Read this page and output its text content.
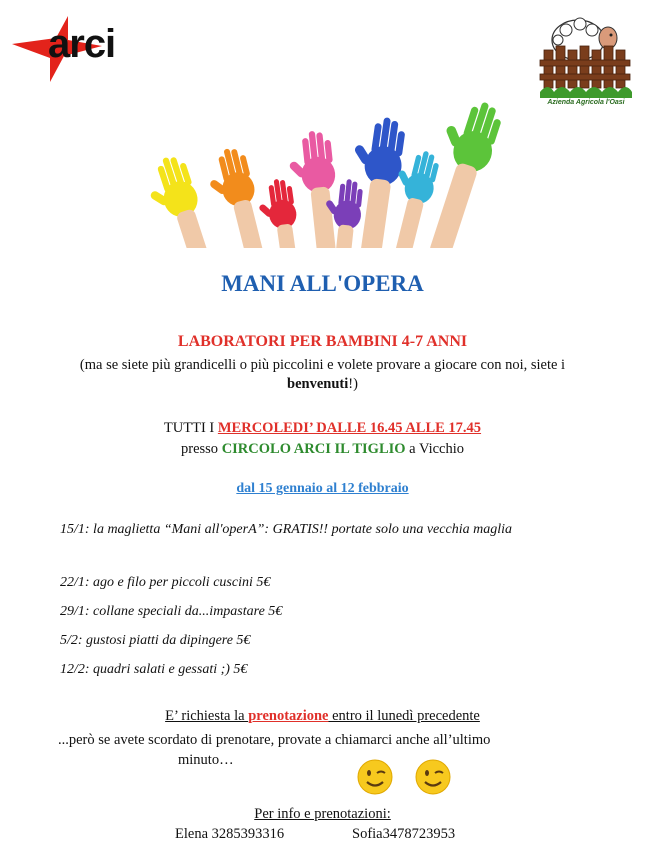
arci
Azienda Agricola l'Oasi
MANI ALL'OPERA
LABORATORI PER BAMBINI 4-7 ANNI
(ma se siete più grandicelli o più piccolini e volete provare a giocare con noi, siete i benvenuti!)
TUTTI I MERCOLEDI’ DALLE 16.45 ALLE 17.45
presso CIRCOLO ARCI IL TIGLIO a Vicchio
dal 15 gennaio al 12 febbraio
15/1: la maglietta “Mani all'operA”: GRATIS!! portate solo una vecchia maglia
22/1: ago e filo per piccoli cuscini 5€
29/1: collane speciali da...impastare 5€
5/2: gustosi piatti da dipingere 5€
12/2: quadri salati e gessati ;) 5€
E’ richiesta la prenotazione entro il lunedì precedente
...però se avete scordato di prenotare, provate a chiamarci anche all’ultimo
minuto…
Per info e prenotazioni:
Elena 3285393316	Sofia3478723953
